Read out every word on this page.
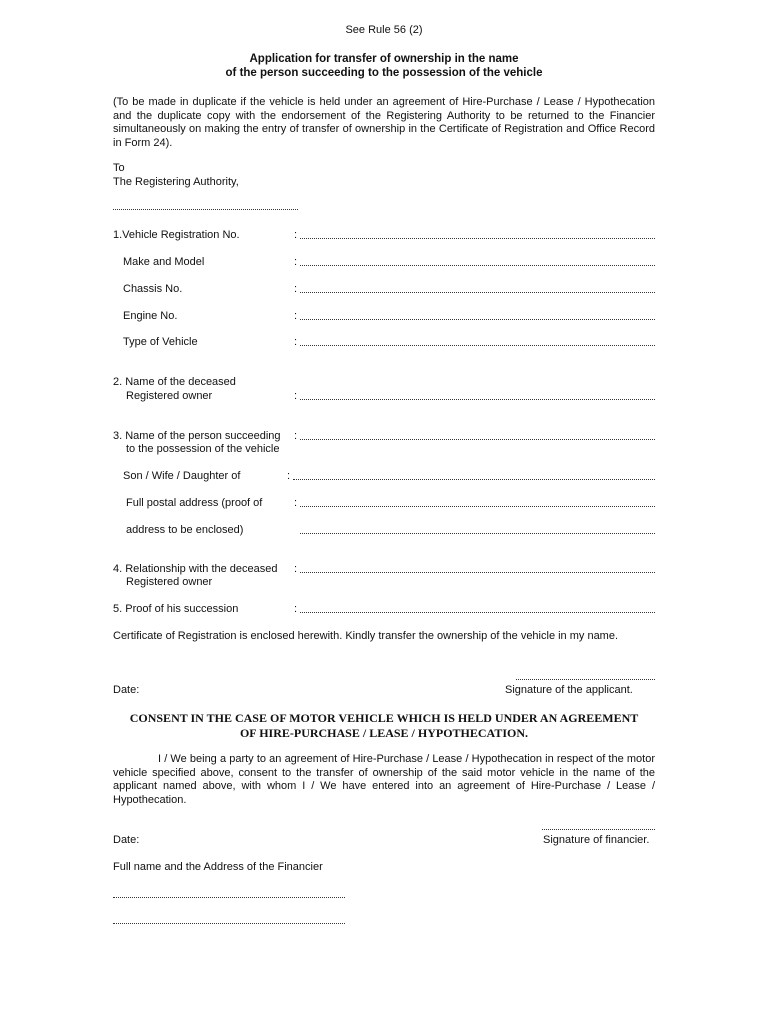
See Rule 56 (2)
Application for transfer of ownership in the name
of the person succeeding to the possession of the vehicle
(To be made in duplicate if the vehicle is held under an agreement of Hire-Purchase / Lease / Hypothecation and the duplicate copy with the endorsement of the Registering Authority to be returned to the Financier simultaneously on making the entry of transfer of ownership in the Certificate of Registration and Office Record in Form 24).
To
The Registering Authority,
1.Vehicle Registration No.	:
Make and Model	:
Chassis No.	:
Engine No.	:
Type of Vehicle	:
2. Name of the deceased
Registered owner	:
3. Name of the person succeeding :
to the possession of the vehicle
Son / Wife / Daughter of	:
Full postal address (proof of	:
address to be enclosed)
4. Relationship with the deceased :
Registered owner
5. Proof of his succession	:
Certificate of Registration is enclosed herewith. Kindly transfer the ownership of the vehicle in my name.
Date:	Signature of the applicant.
CONSENT IN THE CASE OF MOTOR VEHICLE WHICH IS HELD UNDER AN AGREEMENT
OF HIRE-PURCHASE / LEASE / HYPOTHECATION.
I / We being a party to an agreement of Hire-Purchase / Lease / Hypothecation in respect of the motor vehicle specified above, consent to the transfer of ownership of the said motor vehicle in the name of the applicant named above, with whom I / We have entered into an agreement of Hire-Purchase / Lease / Hypothecation.
Date:	Signature of financier.
Full name and the Address of the Financier
